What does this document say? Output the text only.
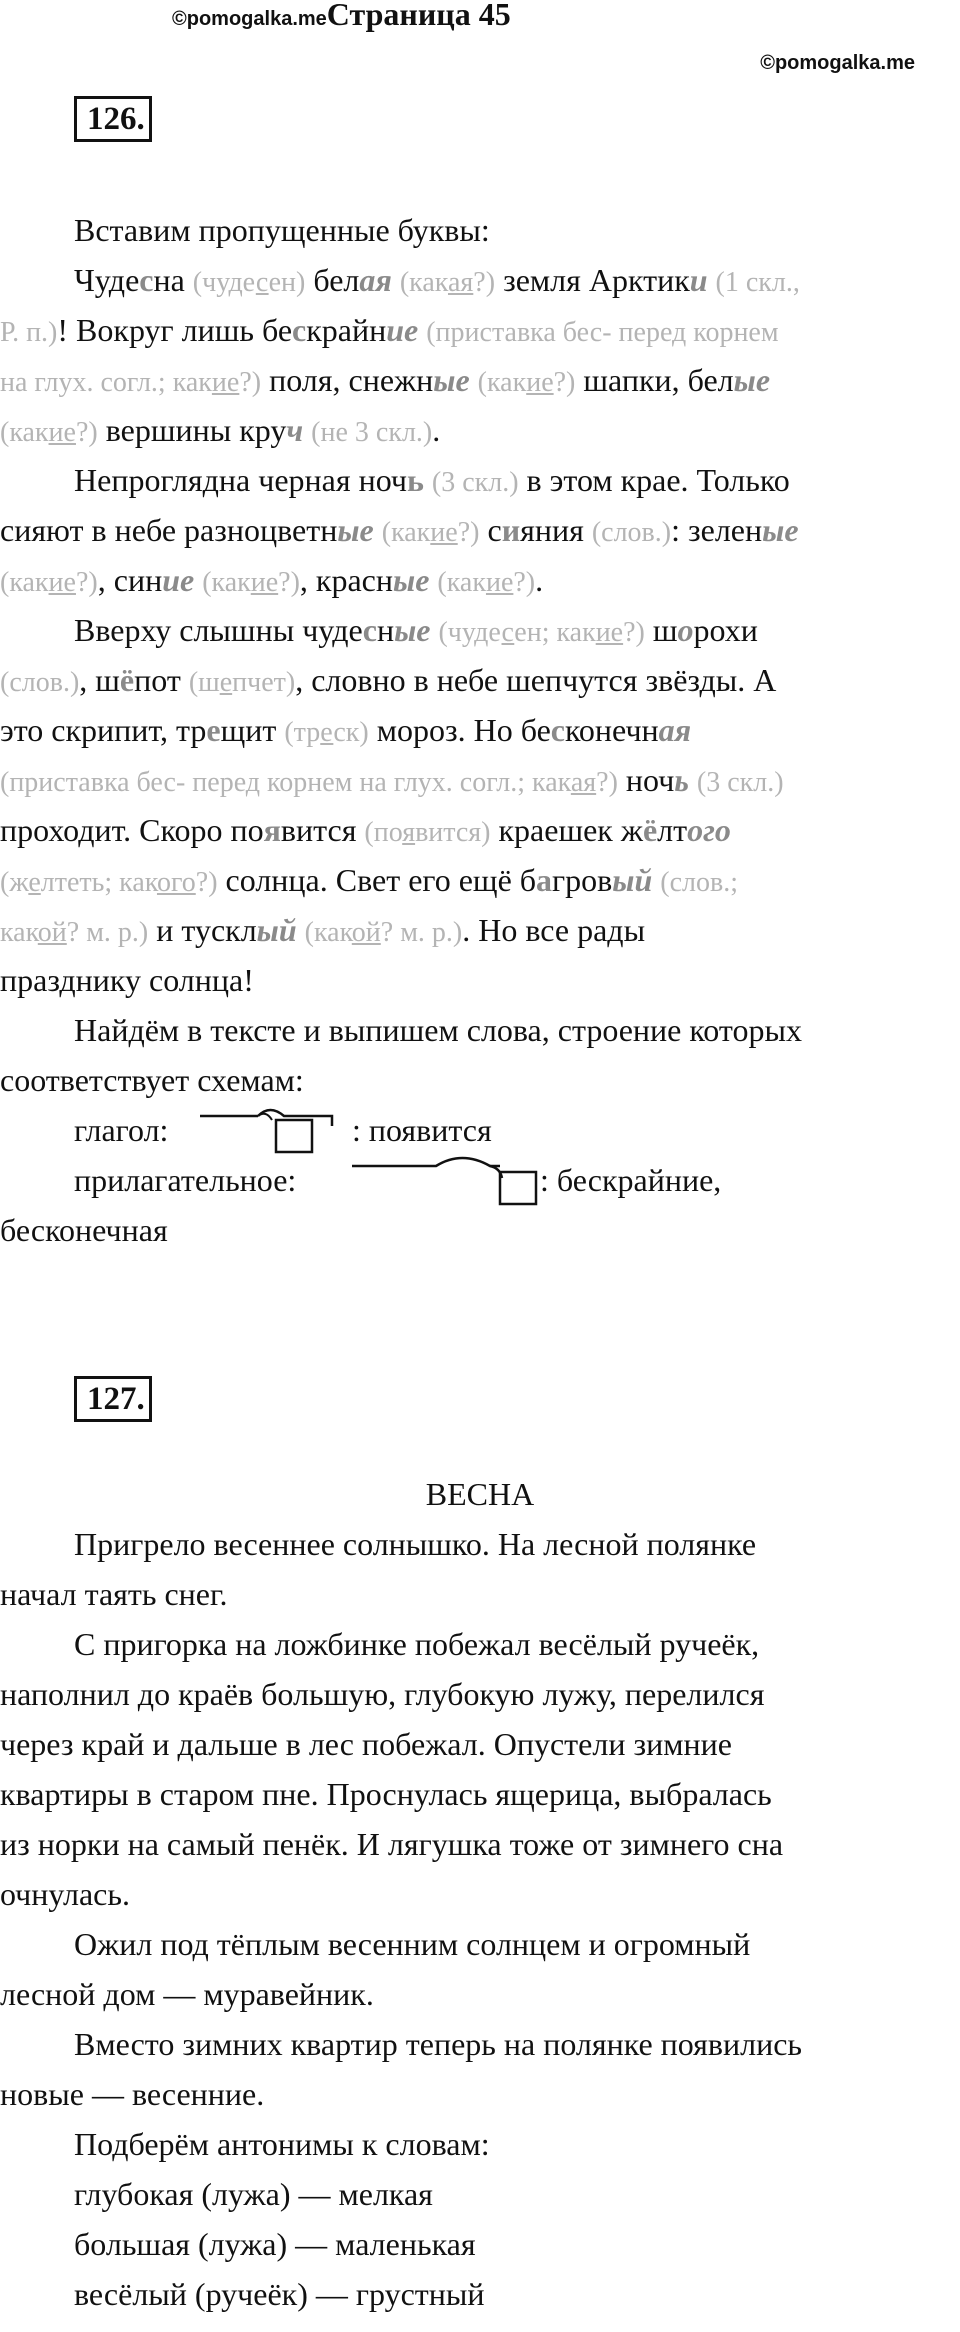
©pomogalka.meСтраница 45
©pomogalka.me
126.
Вставим пропущенные буквы:
Чудесна (чудесен) белая (какая?) земля Арктики (1 скл.,
Р. п.)! Вокруг лишь бескрайние (приставка бес- перед корнем
на глух. согл.; какие?) поля, снежные (какие?) шапки, белые
(какие?) вершины круч (не 3 скл.).
Непроглядна черная ночь (3 скл.) в этом крае. Только
сияют в небе разноцветные (какие?) сияния (слов.): зеленые
(какие?), синие (какие?), красные (какие?).
Вверху слышны чудесные (чудесен; какие?) шорохи
(слов.), шёпот (шепчет), словно в небе шепчутся звёзды. А
это скрипит, трещит (треск) мороз. Но бесконечная
(приставка бес- перед корнем на глух. согл.; какая?) ночь (3 скл.)
проходит. Скоро появится (появится) краешек жёлтого
(желтеть; какого?) солнца. Свет его ещё багровый (слов.;
какой? м. р.) и тусклый (какой? м. р.). Но все рады
празднику солнца!
Найдём в тексте и выпишем слова, строение которых
соответствует схемам:
глагол:	: появится
прилагательное:	: бескрайние,
бесконечная
127.
ВЕСНА
Пригрело весеннее солнышко. На лесной полянке
начал таять снег.
С пригорка на ложбинке побежал весёлый ручеёк,
наполнил до краёв большую, глубокую лужу, перелился
через край и дальше в лес побежал. Опустели зимние
квартиры в старом пне. Проснулась ящерица, выбралась
из норки на самый пенёк. И лягушка тоже от зимнего сна
очнулась.
Ожил под тёплым весенним солнцем и огромный
лесной дом — муравейник.
Вместо зимних квартир теперь на полянке появились
новые — весенние.
Подберём антонимы к словам:
глубокая (лужа) — мелкая
большая (лужа) — маленькая
весёлый (ручеёк) — грустный
